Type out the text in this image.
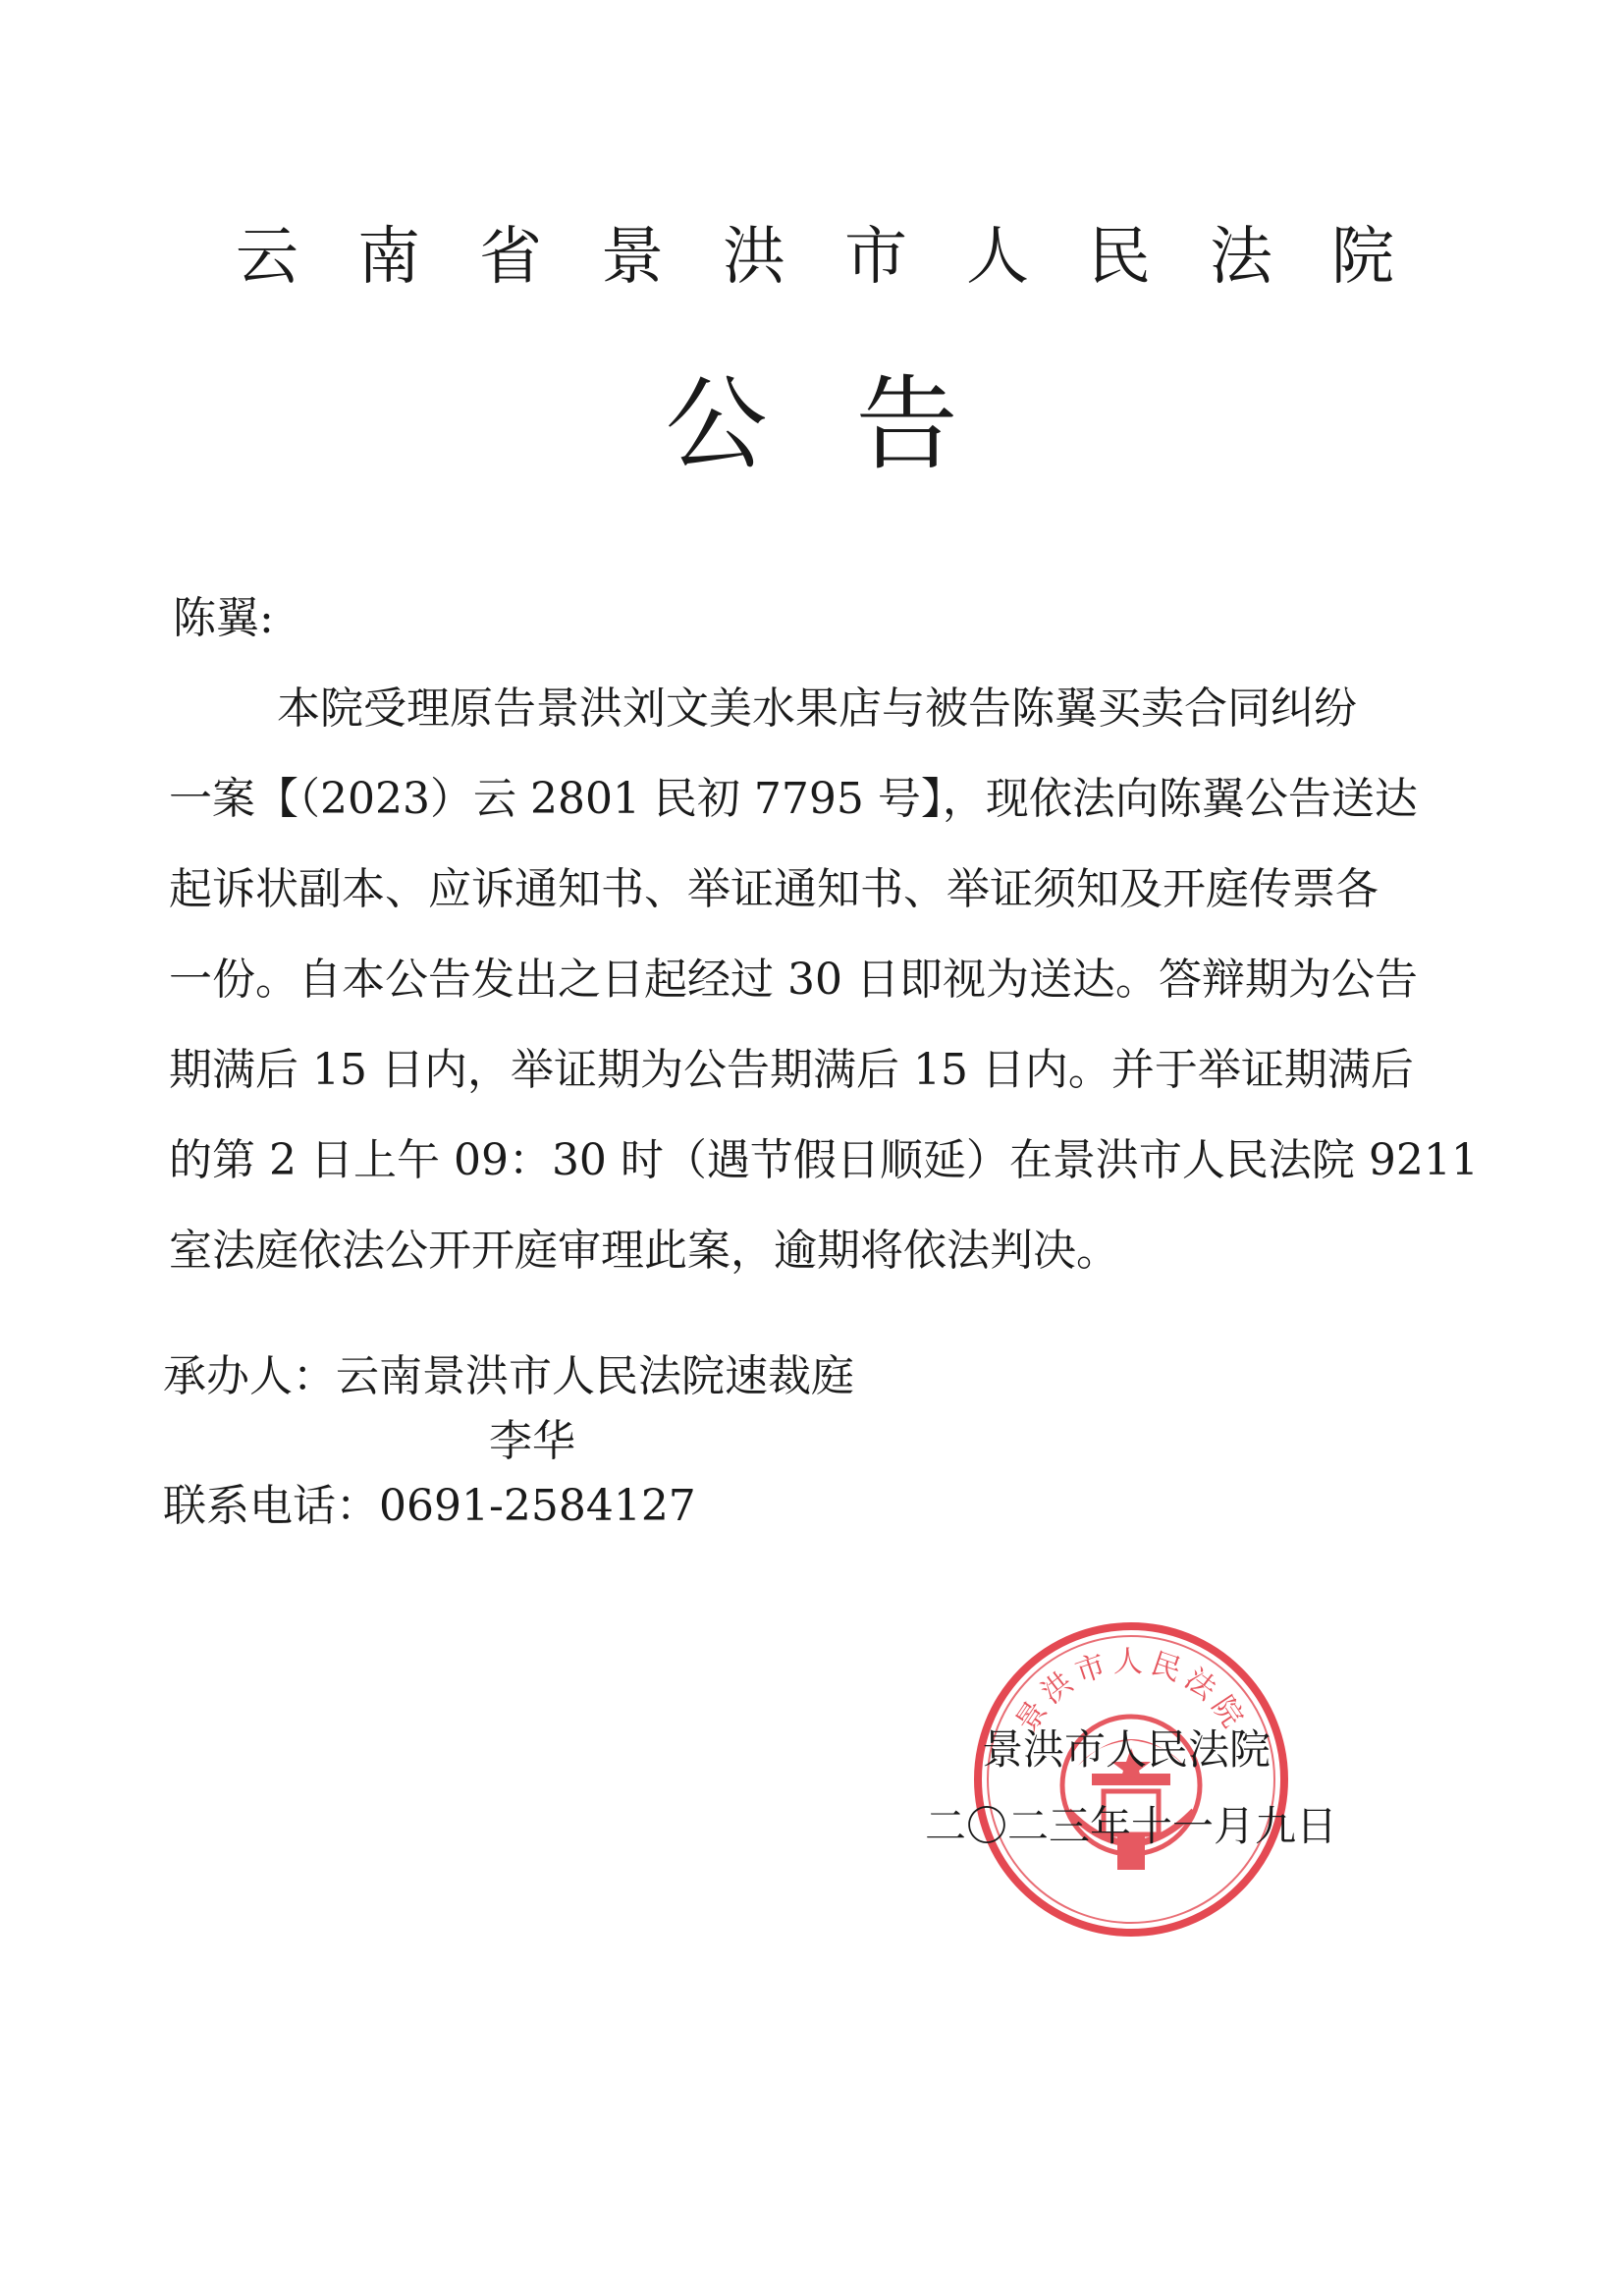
云 南 省 景 洪 市 人 民 法 院
公告
陈翼:
本院受理原告景洪刘文美水果店与被告陈翼买卖合同纠纷
一案【（2023）云 2801 民初 7795 号】，现依法向陈翼公告送达
起诉状副本、应诉通知书、举证通知书、举证须知及开庭传票各
一份。自本公告发出之日起经过 30 日即视为送达。答辩期为公告
期满后 15 日内，举证期为公告期满后 15 日内。并于举证期满后
的第 2 日上午 09：30 时（遇节假日顺延）在景洪市人民法院 9211
室法庭依法公开开庭审理此案，逾期将依法判决。
承办人：云南景洪市人民法院速裁庭
李华
联系电话：0691-2584127
景洪市人民法院
景洪市人民法院
二〇二三年十一月九日
